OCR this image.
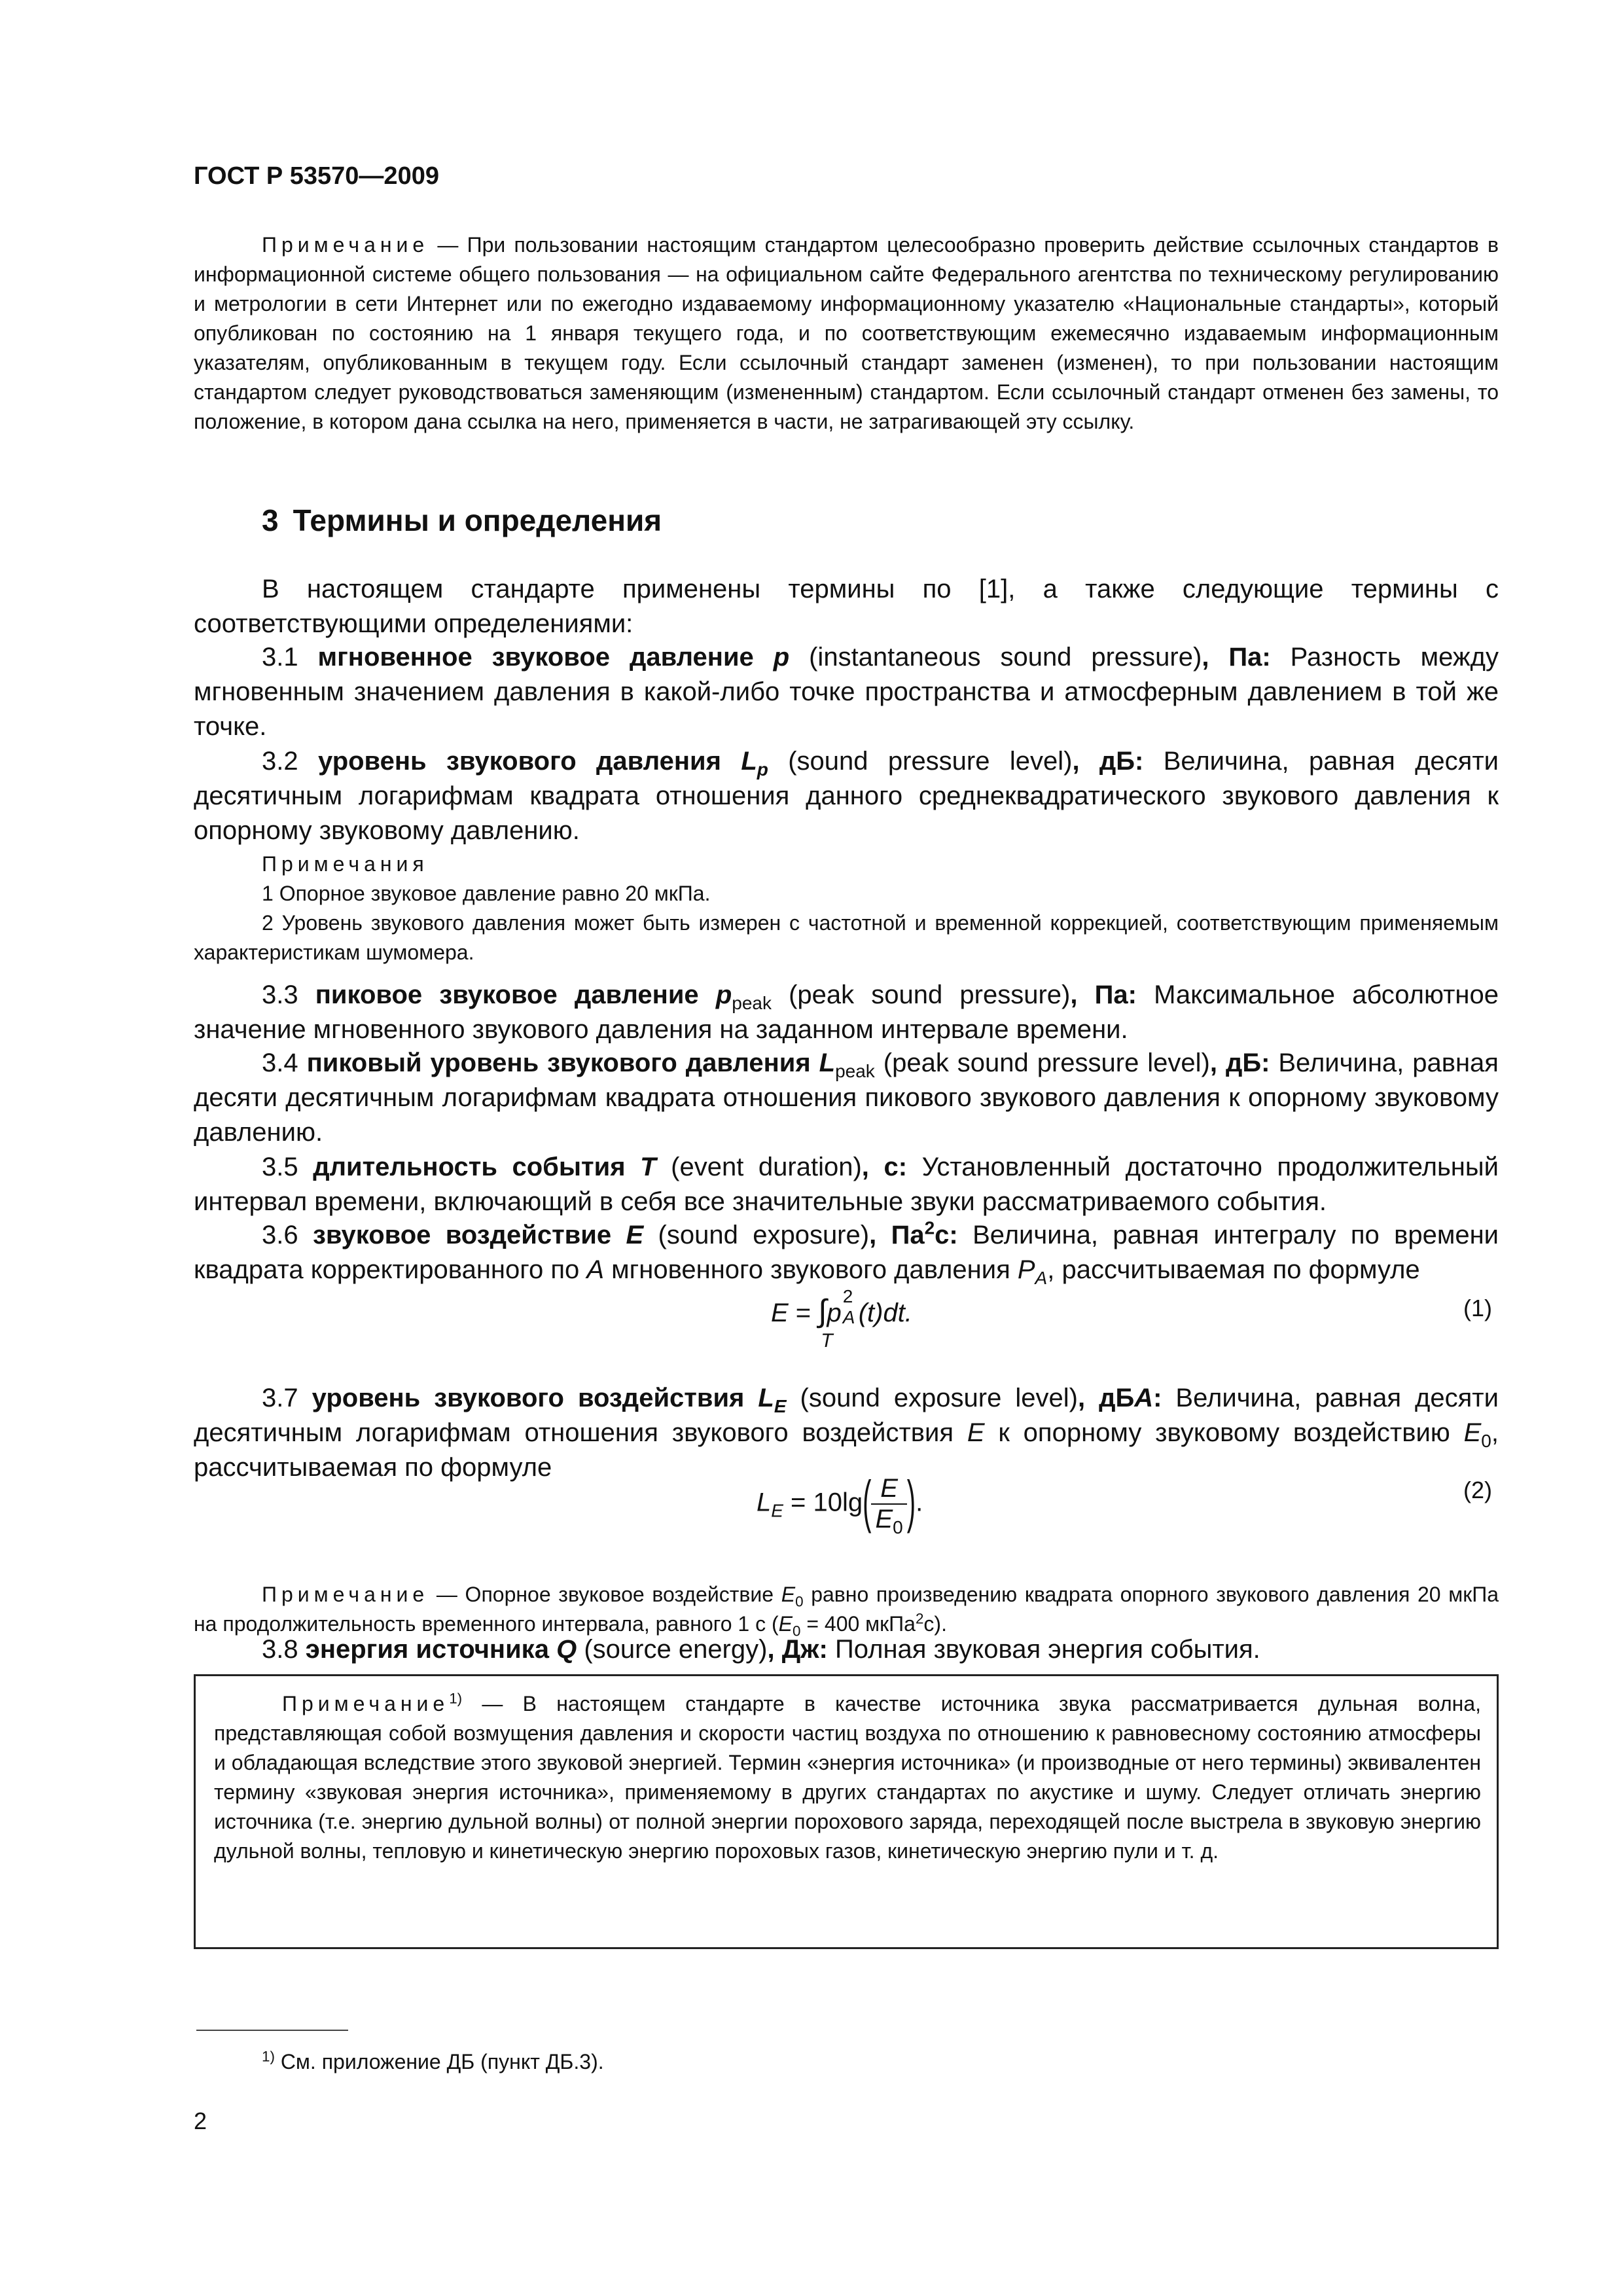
ГОСТ Р 53570—2009
Примечание — При пользовании настоящим стандартом целесообразно проверить действие ссылочных стандартов в информационной системе общего пользования — на официальном сайте Федерального агентства по техническому регулированию и метрологии в сети Интернет или по ежегодно издаваемому информационному указателю «Национальные стандарты», который опубликован по состоянию на 1 января текущего года, и по соответствующим ежемесячно издаваемым информационным указателям, опубликованным в текущем году. Если ссылочный стандарт заменен (изменен), то при пользовании настоящим стандартом следует руководствоваться заменяющим (измененным) стандартом. Если ссылочный стандарт отменен без замены, то положение, в котором дана ссылка на него, применяется в части, не затрагивающей эту ссылку.
3 Термины и определения
В настоящем стандарте применены термины по [1], а также следующие термины с соответствующими определениями:
3.1 мгновенное звуковое давление p (instantaneous sound pressure), Па: Разность между мгновенным значением давления в какой-либо точке пространства и атмосферным давлением в той же точке.
3.2 уровень звукового давления $L_p$ (sound pressure level), дБ: Величина, равная десяти десятичным логарифмам квадрата отношения данного среднеквадратического звукового давления к опорному звуковому давлению.
Примечания
1 Опорное звуковое давление равно 20 мкПа.
2 Уровень звукового давления может быть измерен с частотной и временной коррекцией, соответствующим применяемым характеристикам шумомера.
3.3 пиковое звуковое давление $p_{peak}$ (peak sound pressure), Па: Максимальное абсолютное значение мгновенного звукового давления на заданном интервале времени.
3.4 пиковый уровень звукового давления $L_{peak}$ (peak sound pressure level), дБ: Величина, равная десяти десятичным логарифмам квадрата отношения пикового звукового давления к опорному звуковому давлению.
3.5 длительность события T (event duration), с: Установленный достаточно продолжительный интервал времени, включающий в себя все значительные звуки рассматриваемого события.
3.6 звуковое воздействие E (sound exposure), $Па^2с$: Величина, равная интегралу по времени квадрата корректированного по A мгновенного звукового давления $P_A$, рассчитываемая по формуле
E = ∫
T
p
2
A (t)dt.	(1)
3.7 уровень звукового воздействия $L_E$ (sound exposure level), дБA: Величина, равная десяти десятичным логарифмам отношения звукового воздействия E к опорному звуковому воздействию $E_0$, рассчитываемая по формуле
$L_E = 10\lg( \frac{E}{E_0}$ ).	(2)
Примечание — Опорное звуковое воздействие $E_0$ равно произведению квадрата опорного звукового давления 20 мкПа на продолжительность временного интервала, равного 1 с ($E_0 = 400$ мкПа$^2$с).
3.8 энергия источника Q (source energy), Дж: Полная звуковая энергия события.
Примечание$^{1)}$ — В настоящем стандарте в качестве источника звука рассматривается дульная волна, представляющая собой возмущения давления и скорости частиц воздуха по отношению к равновесному состоянию атмосферы и обладающая вследствие этого звуковой энергией. Термин «энергия источника» (и производные от него термины) эквивалентен термину «звуковая энергия источника», применяемому в других стандартах по акустике и шуму. Следует отличать энергию источника (т.е. энергию дульной волны) от полной энергии порохового заряда, переходящей после выстрела в звуковую энергию дульной волны, тепловую и кинетическую энергию пороховых газов, кинетическую энергию пули и т. д.
$^{1)}$ См. приложение ДБ (пункт ДБ.3).
2
